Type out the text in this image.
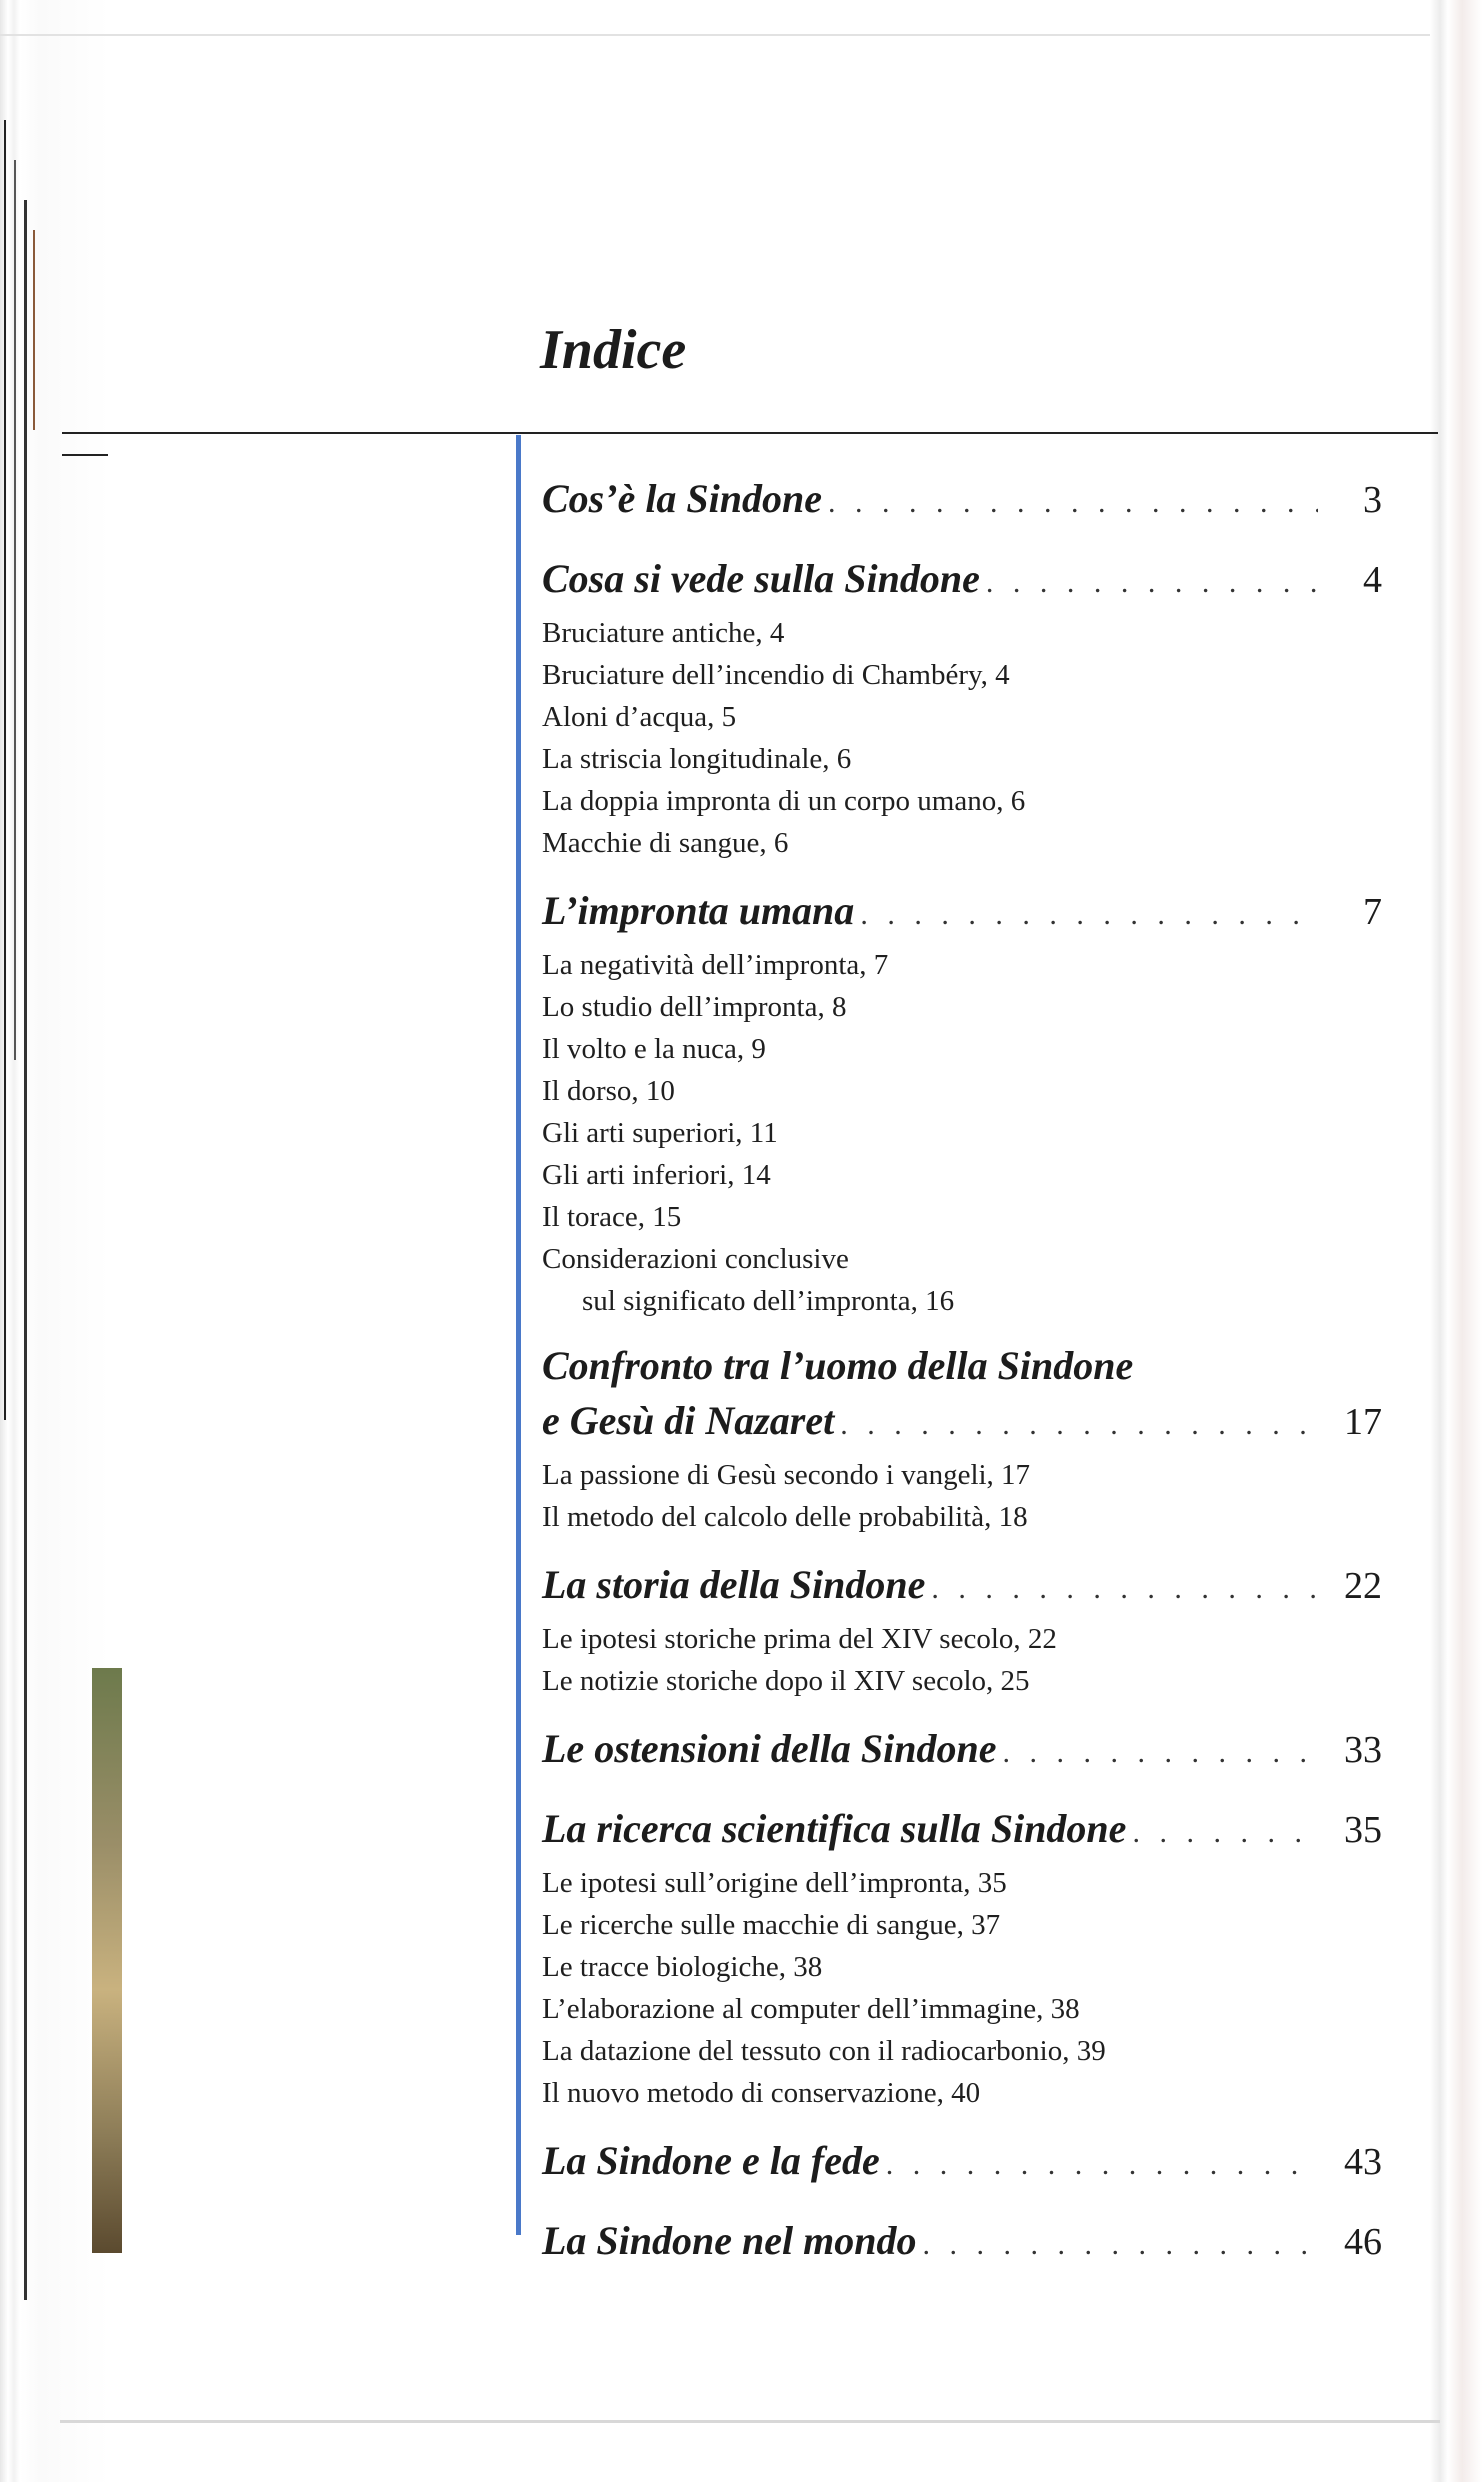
Indice
Cos’è la Sindone . . .	3
Cosa si vede sulla Sindone . . .	4

Bruciature antiche, 4

Bruciature dell’incendio di Chambéry, 4

Aloni d’acqua, 5

La striscia longitudinale, 6

La doppia impronta di un corpo umano, 6

Macchie di sangue, 6

L’impronta umana . . .	7

La negatività dell’impronta, 7

Lo studio dell’impronta, 8

Il volto e la nuca, 9

Il dorso, 10

Gli arti superiori, 11

Gli arti inferiori, 14

Il torace, 15

Considerazioni conclusive

sul significato dell’impronta, 16

Confronto tra l’uomo della Sindone
e Gesù di Nazaret . . .	17

La passione di Gesù secondo i vangeli, 17

Il metodo del calcolo delle probabilità, 18

La storia della Sindone . . .	22

Le ipotesi storiche prima del XIV secolo, 22

Le notizie storiche dopo il XIV secolo, 25

Le ostensioni della Sindone . . .	33
La ricerca scientifica sulla Sindone . . .	35

Le ipotesi sull’origine dell’impronta, 35

Le ricerche sulle macchie di sangue, 37

Le tracce biologiche, 38

L’elaborazione al computer dell’immagine, 38

La datazione del tessuto con il radiocarbonio, 39

Il nuovo metodo di conservazione, 40

La Sindone e la fede . . .	43
La Sindone nel mondo . . .	46
